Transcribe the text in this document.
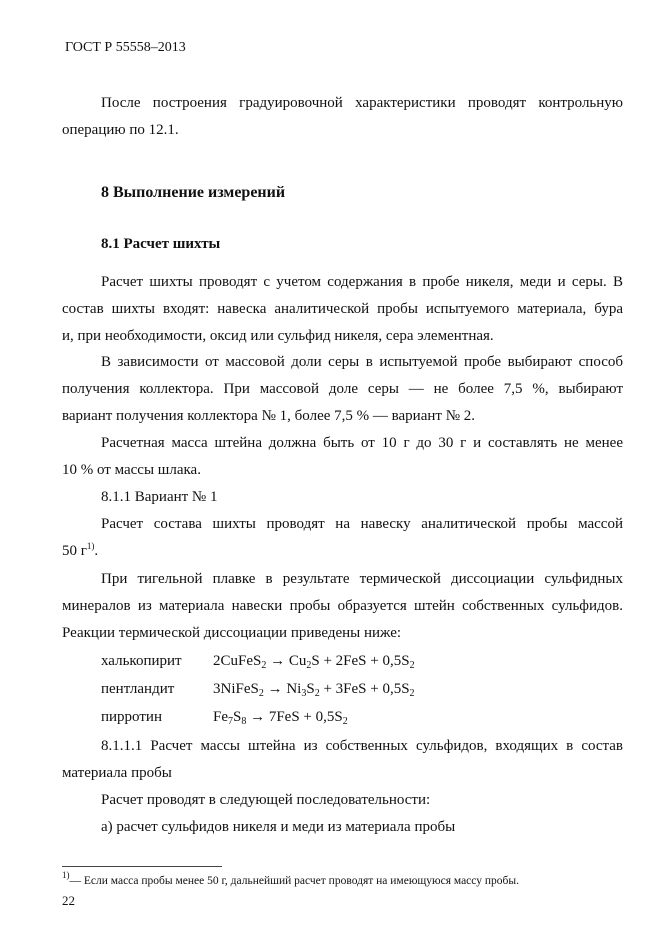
ГОСТ Р 55558–2013
После построения градуировочной характеристики проводят контрольную
операцию по 12.1.
8 Выполнение измерений
8.1 Расчет шихты
Расчет шихты проводят с учетом содержания в пробе никеля, меди и серы. В
состав шихты входят: навеска аналитической пробы испытуемого материала, бура
и, при необходимости, оксид или сульфид никеля, сера элементная.
В зависимости от массовой доли серы в испытуемой пробе выбирают способ
получения коллектора. При массовой доле серы — не более 7,5 %, выбирают
вариант получения коллектора № 1, более 7,5 % — вариант № 2.
Расчетная масса штейна должна быть от 10 г до 30 г и составлять не менее
10 % от массы шлака.
8.1.1 Вариант № 1
Расчет состава шихты проводят на навеску аналитической пробы массой
50 $г^{1)}$.
При тигельной плавке в результате термической диссоциации сульфидных
минералов из материала навески пробы образуется штейн собственных сульфидов.
Реакции термической диссоциации приведены ниже:
халькопирит 2CuFeS$_2$ → $Cu_2S + 2FeS + 0,5S_2$
пентландит	3NiFeS$_2$ → $Ni_3S_2 + 3FeS + 0,5S_2$
пирротин	$Fe_7S_8 \to 7FeS + 0,5S_2$
8.1.1.1 Расчет массы штейна из собственных сульфидов, входящих в состав
материала пробы
Расчет проводят в следующей последовательности:
а) расчет сульфидов никеля и меди из материала пробы
$^{1)}$— Если масса пробы менее 50 г, дальнейший расчет проводят на имеющуюся массу пробы.
22
